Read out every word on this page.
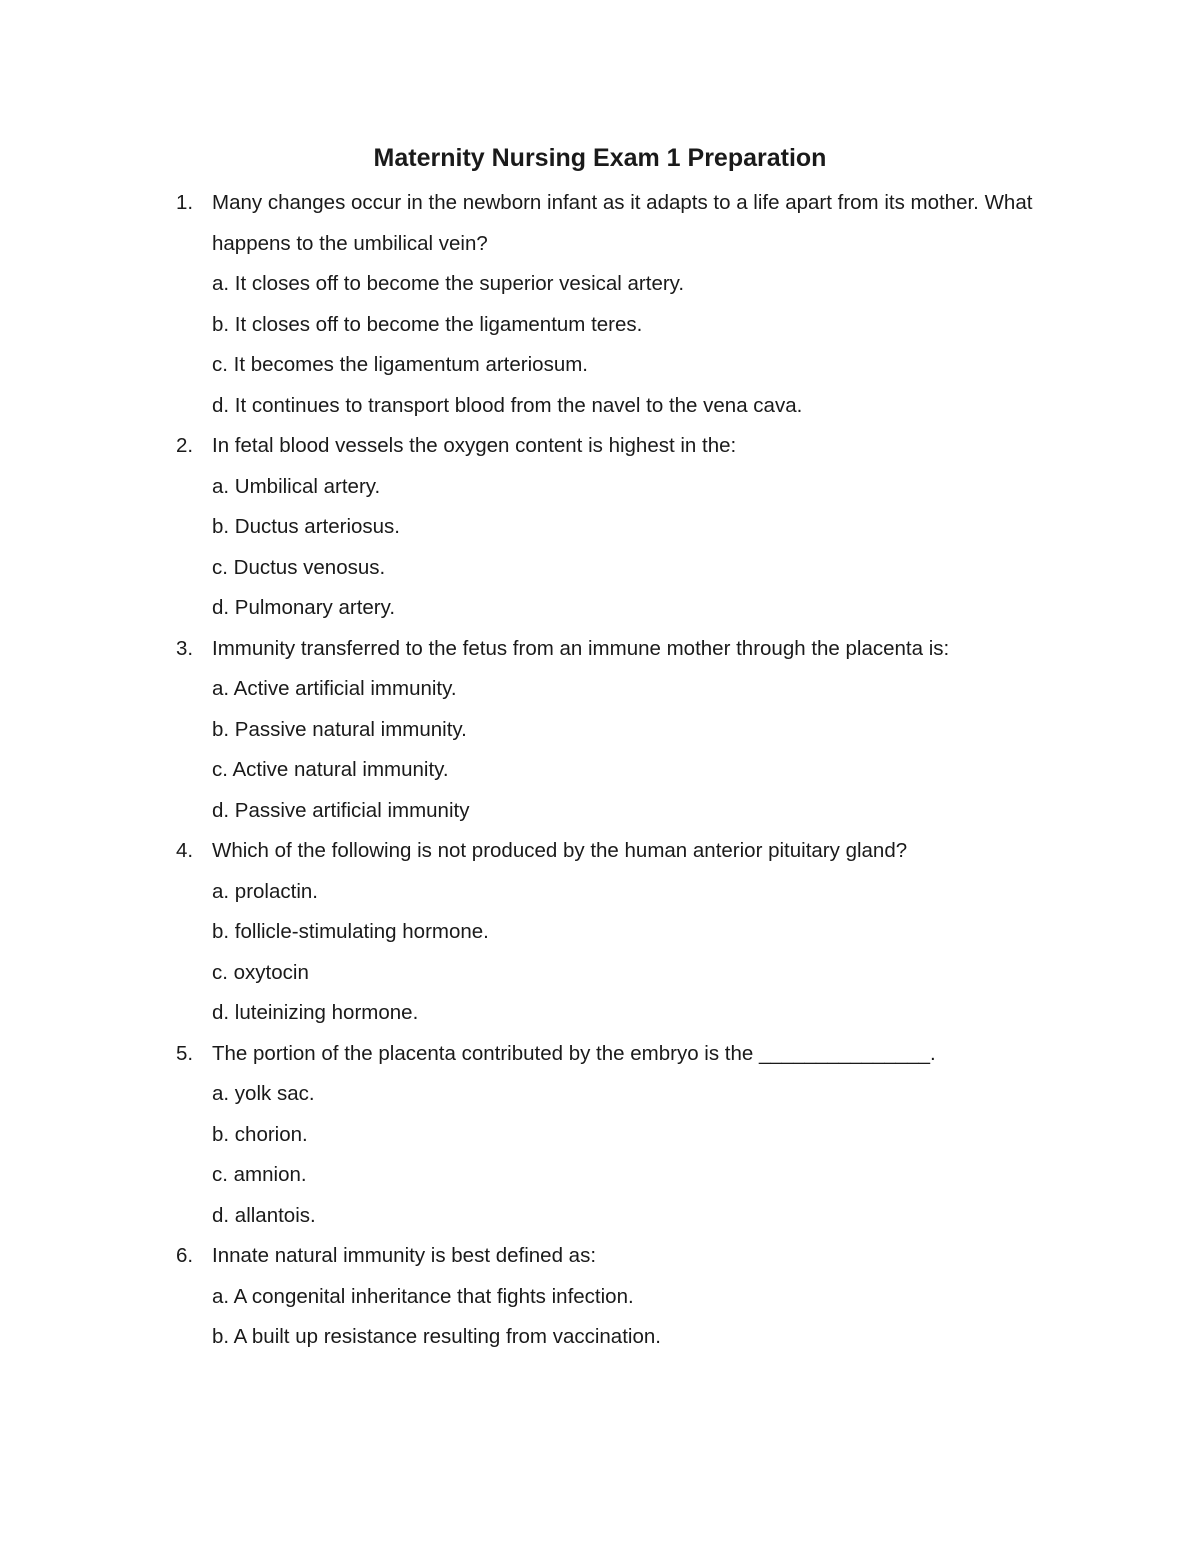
Maternity Nursing Exam 1 Preparation
1. Many changes occur in the newborn infant as it adapts to a life apart from its mother. What happens to the umbilical vein?
a. It closes off to become the superior vesical artery.
b. It closes off to become the ligamentum teres.
c. It becomes the ligamentum arteriosum.
d. It continues to transport blood from the navel to the vena cava.
2. In fetal blood vessels the oxygen content is highest in the:
a. Umbilical artery.
b. Ductus arteriosus.
c. Ductus venosus.
d. Pulmonary artery.
3. Immunity transferred to the fetus from an immune mother through the placenta is:
a. Active artificial immunity.
b. Passive natural immunity.
c. Active natural immunity.
d. Passive artificial immunity
4. Which of the following is not produced by the human anterior pituitary gland?
a. prolactin.
b. follicle-stimulating hormone.
c. oxytocin
d. luteinizing hormone.
5. The portion of the placenta contributed by the embryo is the _______________.
a. yolk sac.
b. chorion.
c. amnion.
d. allantois.
6. Innate natural immunity is best defined as:
a. A congenital inheritance that fights infection.
b. A built up resistance resulting from vaccination.
